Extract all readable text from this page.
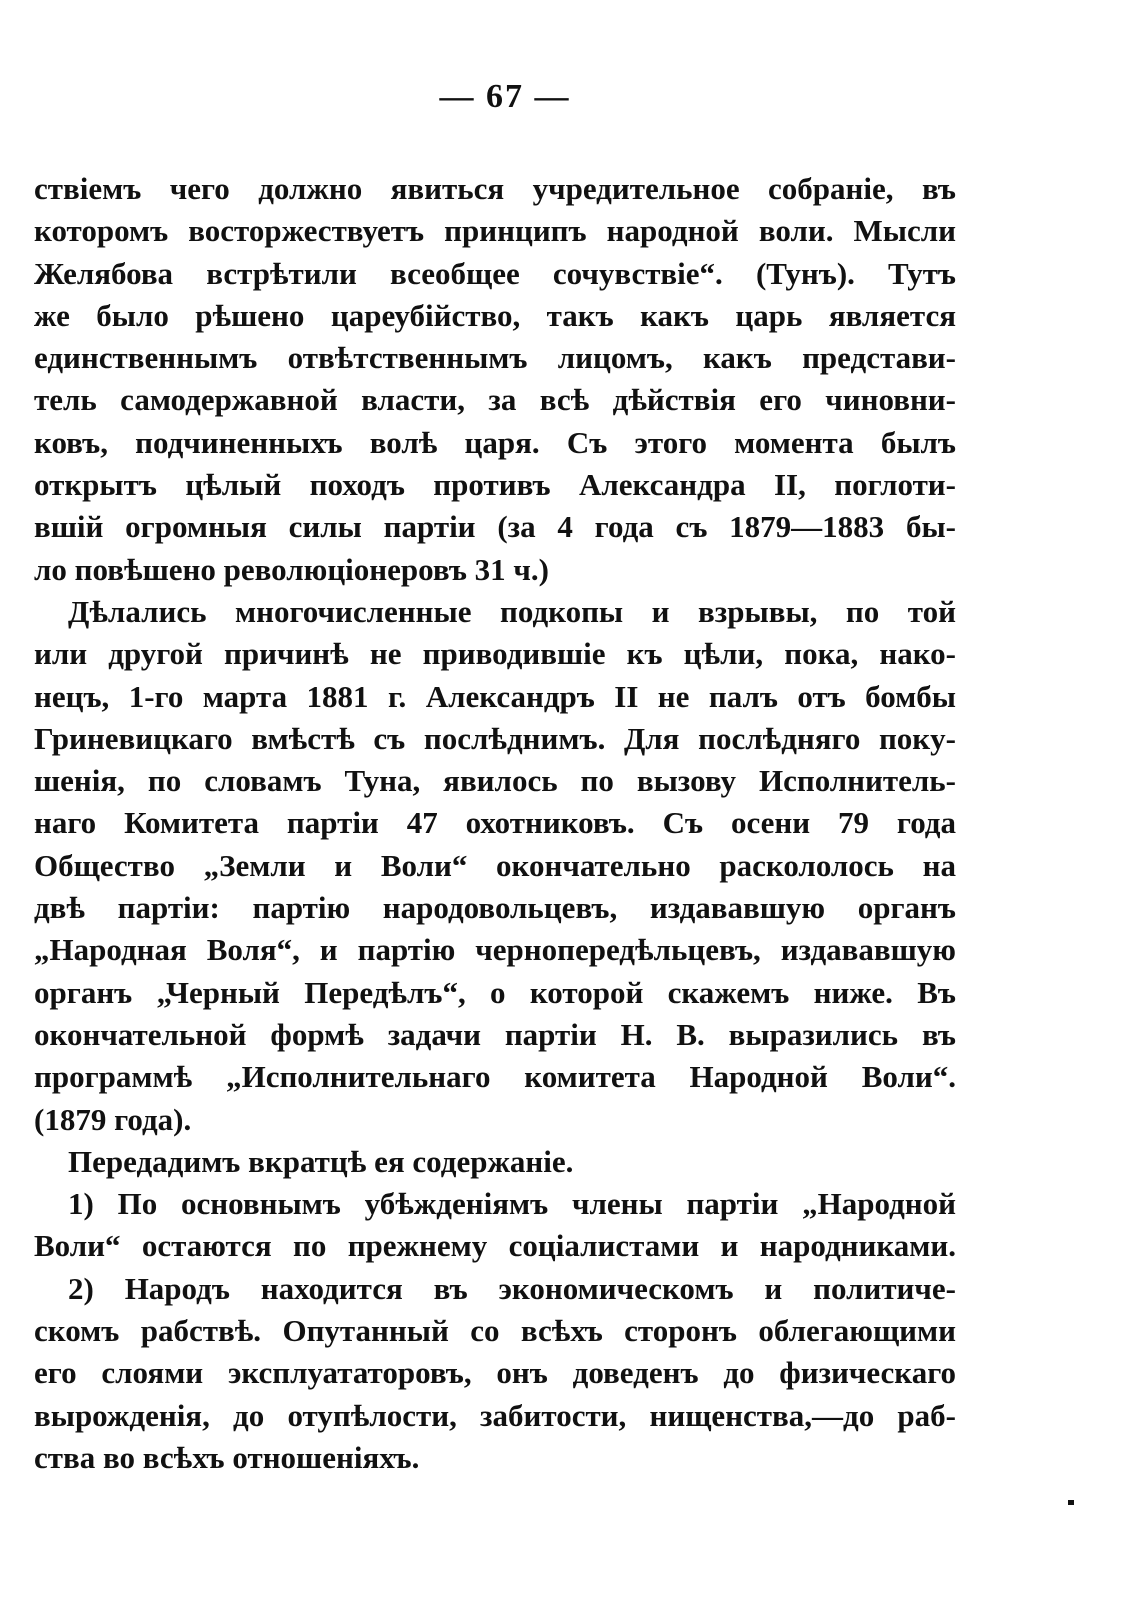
— 67 —
ствіемъ чего должно явиться учредительное собраніе, въ
которомъ восторжествуетъ принципъ народной воли. Мысли
Желябова встрѣтили всеобщее сочувствіе“. (Тунъ). Тутъ
же было рѣшено цареубійство, такъ какъ царь является
единственнымъ отвѣтственнымъ лицомъ, какъ представи-
тель самодержавной власти, за всѣ дѣйствія его чиновни-
ковъ, подчиненныхъ волѣ царя. Съ этого момента былъ
открытъ цѣлый походъ противъ Александра II, поглоти-
вшій огромныя силы партіи (за 4 года съ 1879—1883 бы-
ло повѣшено революціонеровъ 31 ч.)
Дѣлались многочисленные подкопы и взрывы, по той
или другой причинѣ не приводившіе къ цѣли, пока, нако-
нецъ, 1-го марта 1881 г. Александръ II не палъ отъ бомбы
Гриневицкаго вмѣстѣ съ послѣднимъ. Для послѣдняго покy-
шенія, по словамъ Туна, явилось по вызову Исполнитель-
наго Комитета партіи 47 охотниковъ. Съ осени 79 года
Общество „Земли и Воли“ окончательно раскололось на
двѣ партіи: партію народовольцевъ, издававшую органъ
„Народная Воля“, и партію чернопередѣльцевъ, издававшую
органъ „Черный Передѣлъ“, о которой скажемъ ниже. Въ
окончательной формѣ задачи партіи Н. В. выразились въ
программѣ „Исполнительнаго комитета Народной Воли“.
(1879 года).
Передадимъ вкратцѣ ея содержаніе.
1) По основнымъ убѣжденіямъ члены партіи „Народной
Воли“ остаются по прежнему соціалистами и народниками.
2) Народъ находится въ экономическомъ и политиче-
скомъ рабствѣ. Опутанный со всѣхъ сторонъ облегающими
его слоями эксплуататоровъ, онъ доведенъ до физическаго
вырожденія, до отупѣлости, забитости, нищенства,—до раб-
ства во всѣхъ отношеніяхъ.
